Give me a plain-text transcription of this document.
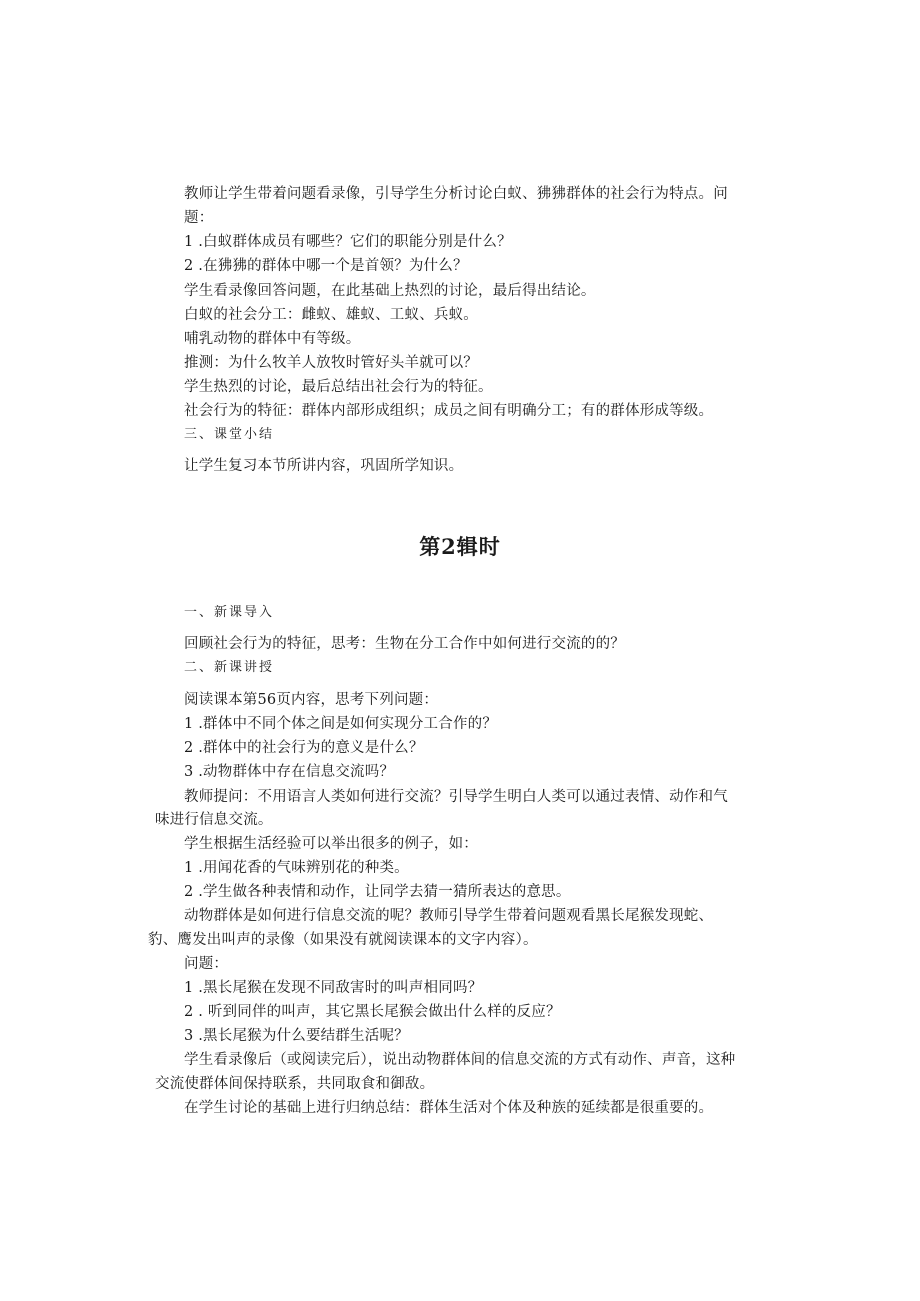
教师让学生带着问题看录像，引导学生分析讨论白蚁、狒狒群体的社会行为特点。问

题：

1 .白蚁群体成员有哪些？它们的职能分别是什么？

2 .在狒狒的群体中哪一个是首领？为什么？

学生看录像回答问题，在此基础上热烈的讨论，最后得出结论。

白蚁的社会分工：雌蚁、雄蚁、工蚁、兵蚁。

哺乳动物的群体中有等级。

推测：为什么牧羊人放牧时管好头羊就可以？

学生热烈的讨论，最后总结出社会行为的特征。

社会行为的特征：群体内部形成组织；成员之间有明确分工；有的群体形成等级。

三、课堂小结

让学生复习本节所讲内容，巩固所学知识。

第2辑时

一、新课导入

回顾社会行为的特征，思考：生物在分工合作中如何进行交流的的？

二、新课讲授

阅读课本第56页内容，思考下列问题：

1 .群体中不同个体之间是如何实现分工合作的？

2 .群体中的社会行为的意义是什么？

3 .动物群体中存在信息交流吗？

教师提问：不用语言人类如何进行交流？引导学生明白人类可以通过表情、动作和气

味进行信息交流。

学生根据生活经验可以举出很多的例子，如：

1 .用闻花香的气味辨别花的种类。

2 .学生做各种表情和动作，让同学去猜一猜所表达的意思。

动物群体是如何进行信息交流的呢？教师引导学生带着问题观看黑长尾猴发现蛇、

豹、鹰发出叫声的录像（如果没有就阅读课本的文字内容）。

问题：

1 .黑长尾猴在发现不同敌害时的叫声相同吗？

2 . 听到同伴的叫声，其它黑长尾猴会做出什么样的反应？

3 .黑长尾猴为什么要结群生活呢？

学生看录像后（或阅读完后），说出动物群体间的信息交流的方式有动作、声音，这种

交流使群体间保持联系，共同取食和御敌。

在学生讨论的基础上进行归纳总结：群体生活对个体及种族的延续都是很重要的。
